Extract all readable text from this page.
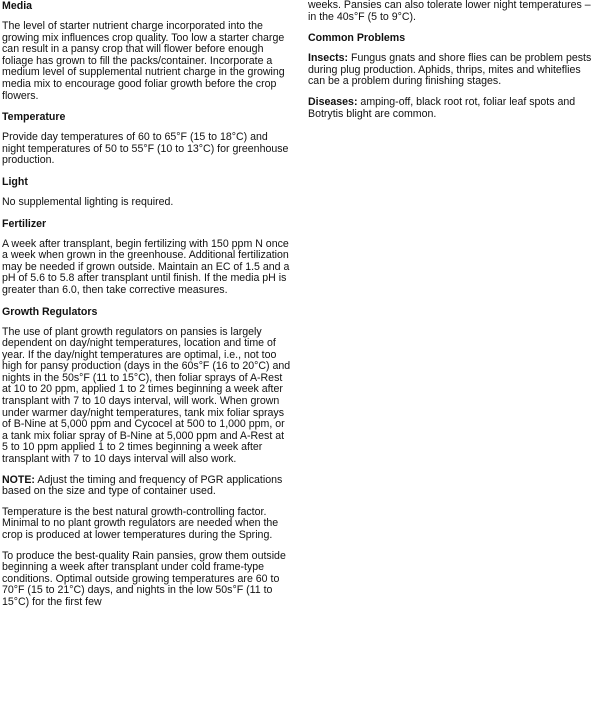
Media

The level of starter nutrient charge incorporated into the growing mix influences crop quality. Too low a starter charge can result in a pansy crop that will flower before enough foliage has grown to fill the packs/container. Incorporate a medium level of supplemental nutrient charge in the growing media mix to encourage good foliar growth before the crop flowers.

Temperature

Provide day temperatures of 60 to 65°F (15 to 18°C) and night temperatures of 50 to 55°F (10 to 13°C) for greenhouse production.

Light

No supplemental lighting is required.

Fertilizer

A week after transplant, begin fertilizing with 150 ppm N once a week when grown in the greenhouse. Additional fertilization may be needed if grown outside. Maintain an EC of 1.5 and a pH of 5.6 to 5.8 after transplant until finish. If the media pH is greater than 6.0, then take corrective measures.

Growth Regulators

The use of plant growth regulators on pansies is largely dependent on day/night temperatures, location and time of year. If the day/night temperatures are optimal, i.e., not too high for pansy production (days in the 60s°F (16 to 20°C) and nights in the 50s°F (11 to 15°C), then foliar sprays of A-Rest at 10 to 20 ppm, applied 1 to 2 times beginning a week after transplant with 7 to 10 days interval, will work. When grown under warmer day/night temperatures, tank mix foliar sprays of B-Nine at 5,000 ppm and Cycocel at 500 to 1,000 ppm, or a tank mix foliar spray of B-Nine at 5,000 ppm and A-Rest at 5 to 10 ppm applied 1 to 2 times beginning a week after transplant with 7 to 10 days interval will also work.

NOTE: Adjust the timing and frequency of PGR applications based on the size and type of container used.

Temperature is the best natural growth-controlling factor. Minimal to no plant growth regulators are needed when the crop is produced at lower temperatures during the Spring.

To produce the best-quality Rain pansies, grow them outside beginning a week after transplant under cold frame-type conditions. Optimal outside growing temperatures are 60 to 70°F (15 to 21°C) days, and nights in the low 50s°F (11 to 15°C) for the first few

weeks. Pansies can also tolerate lower night temperatures – in the 40s°F (5 to 9°C).

Common Problems

Insects: Fungus gnats and shore flies can be problem pests during plug production. Aphids, thrips, mites and whiteflies can be a problem during finishing stages.

Diseases: amping-off, black root rot, foliar leaf spots and Botrytis blight are common.
